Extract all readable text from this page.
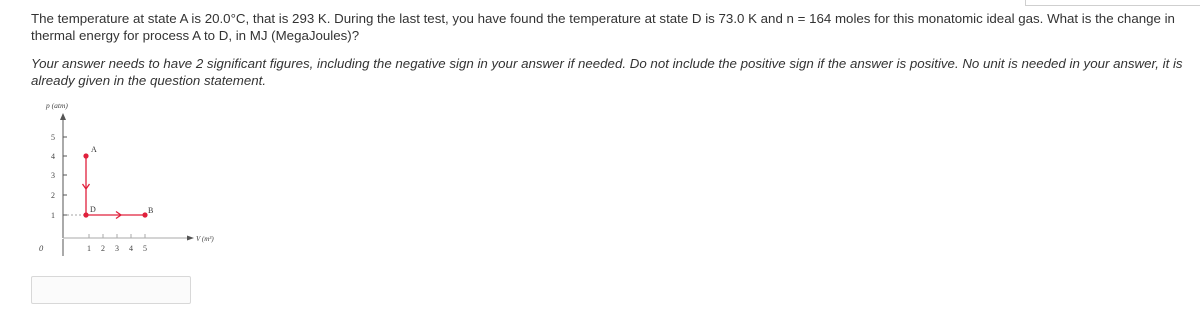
The temperature at state A is 20.0°C, that is 293 K. During the last test, you have found the temperature at state D is 73.0 K and n = 164 moles for this monatomic ideal gas. What is the change in thermal energy for process A to D, in MJ (MegaJoules)?

Your answer needs to have 2 significant figures, including the negative sign in your answer if needed. Do not include the positive sign if the answer is positive. No unit is needed in your answer, it is already given in the question statement.

p (atm)
V (m³)
5
4
3
2
1
0	1 2 3 4 5
A
D	B
